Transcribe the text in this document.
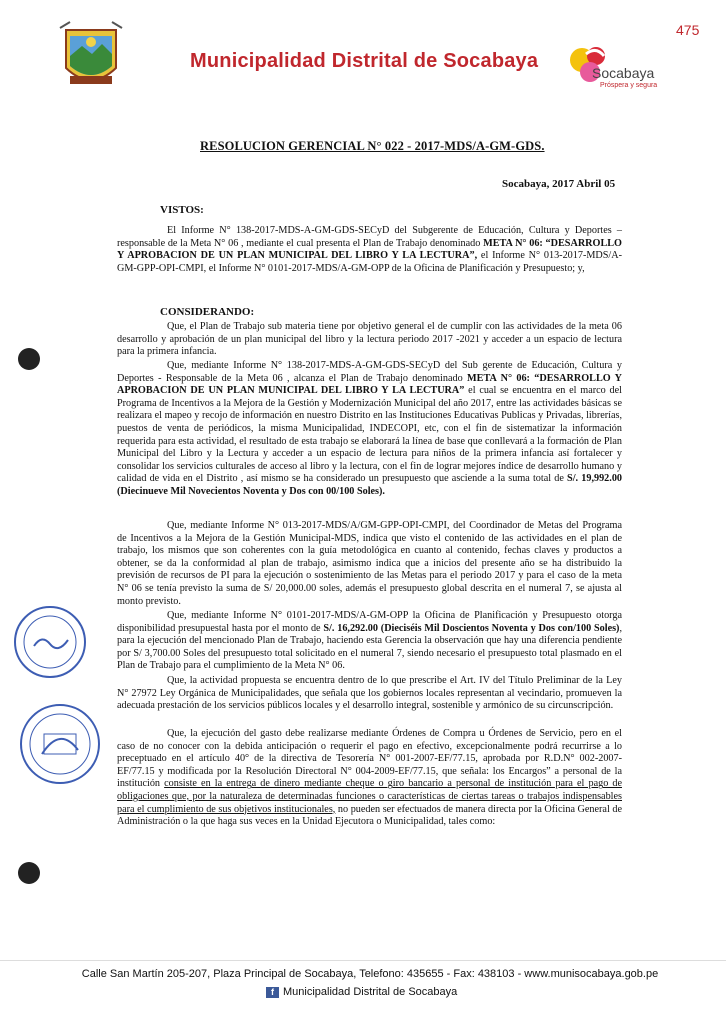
475
Municipalidad Distrital de Socabaya
Socabaya
Próspera y segura
RESOLUCION GERENCIAL N° 022 - 2017-MDS/A-GM-GDS.
Socabaya, 2017 Abril 05
VISTOS:
El Informe N° 138-2017-MDS-A-GM-GDS-SECyD del Subgerente de Educación, Cultura y Deportes – responsable de la Meta N° 06 , mediante el cual presenta el Plan de Trabajo denominado META N° 06: “DESARROLLO Y APROBACION DE UN PLAN MUNICIPAL DEL LIBRO Y LA LECTURA”, el Informe N° 013-2017-MDS/A-GM-GPP-OPI-CMPI, el Informe N° 0101-2017-MDS/A-GM-OPP de la Oficina de Planificación y Presupuesto; y,
CONSIDERANDO:
Que, el Plan de Trabajo sub materia tiene por objetivo general el de cumplir con las actividades de la meta 06 desarrollo y aprobación de un plan municipal del libro y la lectura periodo 2017 -2021 y acceder a un espacio de lectura para la primera infancia.
Que, mediante Informe N° 138-2017-MDS-A-GM-GDS-SECyD del Sub gerente de Educación, Cultura y Deportes - Responsable de la Meta 06 , alcanza el Plan de Trabajo denominado META N° 06: “DESARROLLO Y APROBACION DE UN PLAN MUNICIPAL DEL LIBRO Y LA LECTURA” el cual se encuentra en el marco del Programa de Incentivos a la Mejora de la Gestión y Modernización Municipal del año 2017, entre las actividades básicas se realizara el mapeo y recojo de información en nuestro Distrito en las Instituciones Educativas Publicas y Privadas, librerías, puestos de venta de periódicos, la misma Municipalidad, INDECOPI, etc, con el fin de sistematizar la información requerida para esta actividad, el resultado de esta trabajo se elaborará la línea de base que conllevará a la formación de Plan Municipal del Libro y la Lectura y acceder a un espacio de lectura para niños de la primera infancia así fortalecer y consolidar los servicios culturales de acceso al libro y la lectura, con el fin de lograr mejores índice de desarrollo humano y calidad de vida en el Distrito , así mismo se ha considerado un presupuesto que asciende a la suma total de S/. 19,992.00 (Diecinueve Mil Novecientos Noventa y Dos con 00/100 Soles).
Que, mediante Informe N° 013-2017-MDS/A/GM-GPP-OPI-CMPI, del Coordinador de Metas del Programa de Incentivos a la Mejora de la Gestión Municipal-MDS, indica que visto el contenido de las actividades en el plan de trabajo, los mismos que son coherentes con la guía metodológica en cuanto al contenido, fechas claves y productos a obtener, se da la conformidad al plan de trabajo, asimismo indica que a inicios del presente año se ha distribuido la previsión de recursos de PI para la ejecución o sostenimiento de las Metas para el periodo 2017 y para el caso de la meta N° 06 se tenía previsto la suma de S/ 20,000.00 soles, además el presupuesto global descrita en el numeral 7, se ajusta al monto previsto.
Que, mediante Informe N° 0101-2017-MDS/A-GM-OPP la Oficina de Planificación y Presupuesto otorga disponibilidad presupuestal hasta por el monto de S/. 16,292.00 (Dieciséis Mil Doscientos Noventa y Dos con/100 Soles), para la ejecución del mencionado Plan de Trabajo, haciendo esta Gerencia la observación que hay una diferencia pendiente por S/ 3,700.00 Soles del presupuesto total solicitado en el numeral 7, siendo necesario el presupuesto total plasmado en el Plan de Trabajo para el cumplimiento de la Meta N° 06.
Que, la actividad propuesta se encuentra dentro de lo que prescribe el Art. IV del Título Preliminar de la Ley N° 27972 Ley Orgánica de Municipalidades, que señala que los gobiernos locales representan al vecindario, promueven la adecuada prestación de los servicios públicos locales y el desarrollo integral, sostenible y armónico de su circunscripción.
Que, la ejecución del gasto debe realizarse mediante Órdenes de Compra u Órdenes de Servicio, pero en el caso de no conocer con la debida anticipación o requerir el pago en efectivo, excepcionalmente podrá recurrirse a lo preceptuado en el artículo 40° de la directiva de Tesorería N° 001-2007-EF/77.15, aprobada por R.D.N° 002-2007-EF/77.15 y modificada por la Resolución Directoral N° 004-2009-EF/77.15, que señala: los Encargos” a personal de la institución consiste en la entrega de dinero mediante cheque o giro bancario a personal de institución para el pago de obligaciones que, por la naturaleza de determinadas funciones o características de ciertas tareas o trabajos indispensables para el cumplimiento de sus objetivos institucionales, no pueden ser efectuados de manera directa por la Oficina General de Administración o la que haga sus veces en la Unidad Ejecutora o Municipalidad, tales como:
Calle San Martín 205-207, Plaza Principal de Socabaya, Telefono: 435655 - Fax: 438103 - www.munisocabaya.gob.pe
f Municipalidad Distrital de Socabaya
